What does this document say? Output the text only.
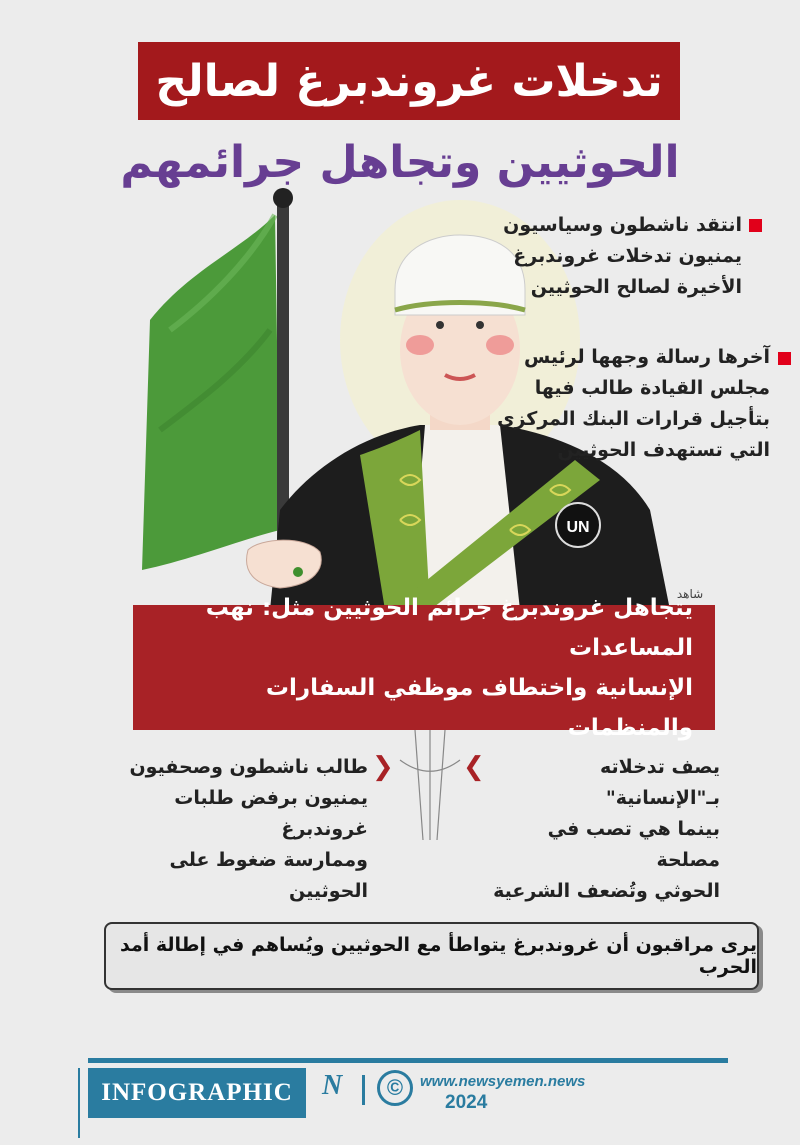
تدخلات غروندبرغ لصالح
الحوثيين وتجاهل جرائمهم
UN
شاهد
انتقد ناشطون وسياسيون
يمنيون تدخلات غروندبرغ
الأخيرة لصالح الحوثيين
آخرها رسالة وجهها لرئيس
مجلس القيادة طالب فيها
بتأجيل قرارات البنك المركزي
التي تستهدف الحوثيين
يتجاهل غروندبرغ جرائم الحوثيين مثل: نهب المساعدات
الإنسانية واختطاف موظفي السفارات والمنظمات
❯
طالب ناشطون وصحفيون
يمنيون برفض طلبات غروندبرغ
وممارسة ضغوط على الحوثيين
❮	يصف تدخلاته بـ"الإنسانية"
بينما هي تصب في مصلحة
الحوثي وتُضعف الشرعية
يرى مراقبون أن غروندبرغ يتواطأ مع الحوثيين ويُساهم في إطالة أمد الحرب
INFOGRAPHIC N	©	www.newsyemen.news
2024
